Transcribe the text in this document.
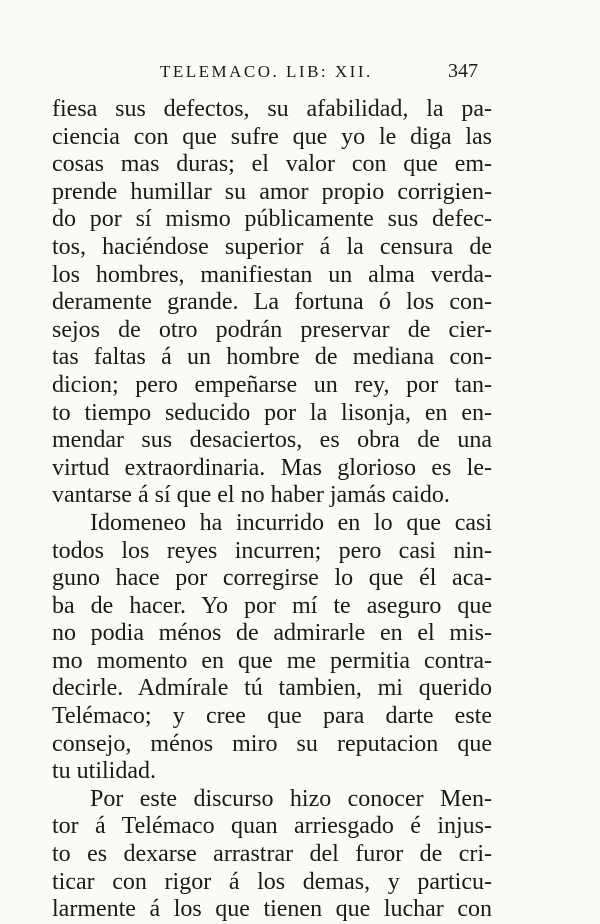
TELEMACO. LIB: XII.	347
fiesa sus defectos, su afabilidad, la pa-
ciencia con que sufre que yo le diga las
cosas mas duras; el valor con que em-
prende humillar su amor propio corrigien-
do por sí mismo públicamente sus defec-
tos, haciéndose superior á la censura de
los hombres, manifiestan un alma verda-
deramente grande. La fortuna ó los con-
sejos de otro podrán preservar de cier-
tas faltas á un hombre de mediana con-
dicion; pero empeñarse un rey, por tan-
to tiempo seducido por la lisonja, en en-
mendar sus desaciertos, es obra de una
virtud extraordinaria. Mas glorioso es le-
vantarse á sí que el no haber jamás caido.
Idomeneo ha incurrido en lo que casi
todos los reyes incurren; pero casi nin-
guno hace por corregirse lo que él aca-
ba de hacer. Yo por mí te aseguro que
no podia ménos de admirarle en el mis-
mo momento en que me permitia contra-
decirle. Admírale tú tambien, mi querido
Telémaco; y cree que para darte este
consejo, ménos miro su reputacion que
tu utilidad.
Por este discurso hizo conocer Men-
tor á Telémaco quan arriesgado é injus-
to es dexarse arrastrar del furor de cri-
ticar con rigor á los demas, y particu-
larmente á los que tienen que luchar con
